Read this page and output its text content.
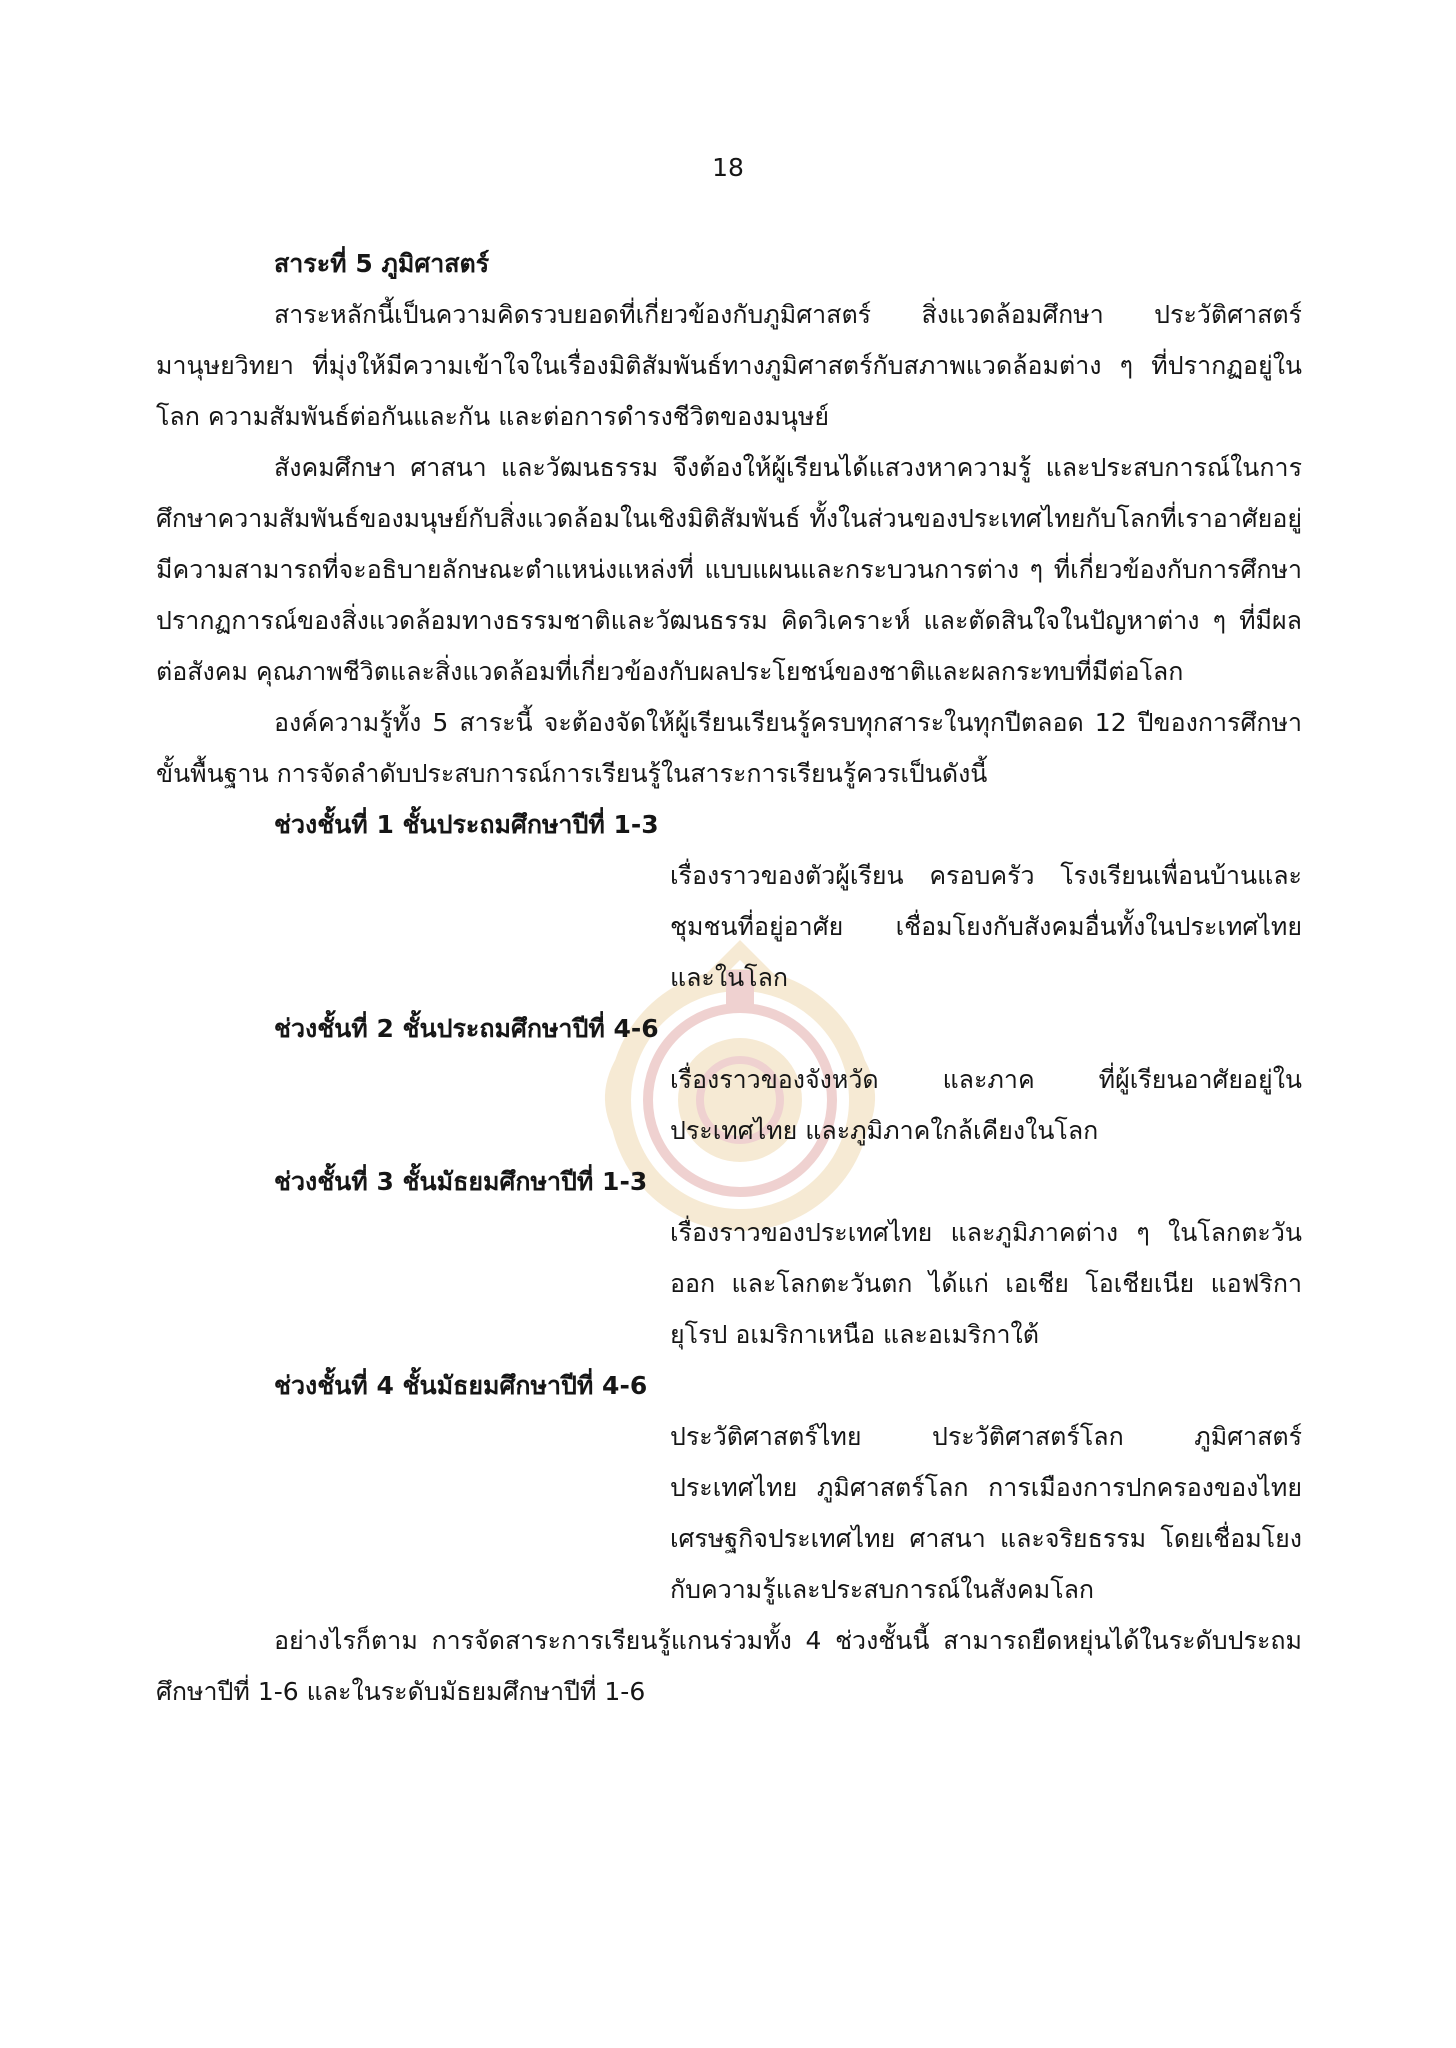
18

สาระที่ 5 ภูมิศาสตร์

สาระหลักนี้เป็นความคิดรวบยอดที่เกี่ยวข้องกับภูมิศาสตร์ สิ่งแวดล้อมศึกษา ประวัติศาสตร์ มานุษยวิทยา ที่มุ่งให้มีความเข้าใจในเรื่องมิติสัมพันธ์ทางภูมิศาสตร์กับสภาพแวดล้อมต่าง ๆ ที่ปรากฏอยู่ในโลก ความสัมพันธ์ต่อกันและกัน และต่อการดำรงชีวิตของมนุษย์

สังคมศึกษา ศาสนา และวัฒนธรรม จึงต้องให้ผู้เรียนได้แสวงหาความรู้ และประสบการณ์ในการศึกษาความสัมพันธ์ของมนุษย์กับสิ่งแวดล้อมในเชิงมิติสัมพันธ์ ทั้งในส่วนของประเทศไทยกับโลกที่เราอาศัยอยู่ มีความสามารถที่จะอธิบายลักษณะตำแหน่งแหล่งที่ แบบแผนและกระบวนการต่าง ๆ ที่เกี่ยวข้องกับการศึกษาปรากฏการณ์ของสิ่งแวดล้อมทางธรรมชาติและวัฒนธรรม คิดวิเคราะห์ และตัดสินใจในปัญหาต่าง ๆ ที่มีผลต่อสังคม คุณภาพชีวิตและสิ่งแวดล้อมที่เกี่ยวข้องกับผลประโยชน์ของชาติและผลกระทบที่มีต่อโลก

องค์ความรู้ทั้ง 5 สาระนี้ จะต้องจัดให้ผู้เรียนเรียนรู้ครบทุกสาระในทุกปีตลอด 12 ปีของการศึกษาขั้นพื้นฐาน การจัดลำดับประสบการณ์การเรียนรู้ในสาระการเรียนรู้ควรเป็นดังนี้

ช่วงชั้นที่ 1 ชั้นประถมศึกษาปีที่ 1-3

เรื่องราวของตัวผู้เรียน ครอบครัว โรงเรียนเพื่อนบ้านและชุมชนที่อยู่อาศัย เชื่อมโยงกับสังคมอื่นทั้งในประเทศไทยและในโลก

ช่วงชั้นที่ 2 ชั้นประถมศึกษาปีที่ 4-6

เรื่องราวของจังหวัด และภาค ที่ผู้เรียนอาศัยอยู่ในประเทศไทย และภูมิภาคใกล้เคียงในโลก

ช่วงชั้นที่ 3 ชั้นมัธยมศึกษาปีที่ 1-3

เรื่องราวของประเทศไทย และภูมิภาคต่าง ๆ ในโลกตะวันออก และโลกตะวันตก ได้แก่ เอเชีย โอเชียเนีย แอฟริกา ยุโรป อเมริกาเหนือ และอเมริกาใต้

ช่วงชั้นที่ 4 ชั้นมัธยมศึกษาปีที่ 4-6

ประวัติศาสตร์ไทย ประวัติศาสตร์โลก ภูมิศาสตร์ประเทศไทย ภูมิศาสตร์โลก การเมืองการปกครองของไทย เศรษฐกิจประเทศไทย ศาสนา และจริยธรรม โดยเชื่อมโยงกับความรู้และประสบการณ์ในสังคมโลก

อย่างไรก็ตาม การจัดสาระการเรียนรู้แกนร่วมทั้ง 4 ช่วงชั้นนี้ สามารถยืดหยุ่นได้ในระดับประถมศึกษาปีที่ 1-6 และในระดับมัธยมศึกษาปีที่ 1-6
